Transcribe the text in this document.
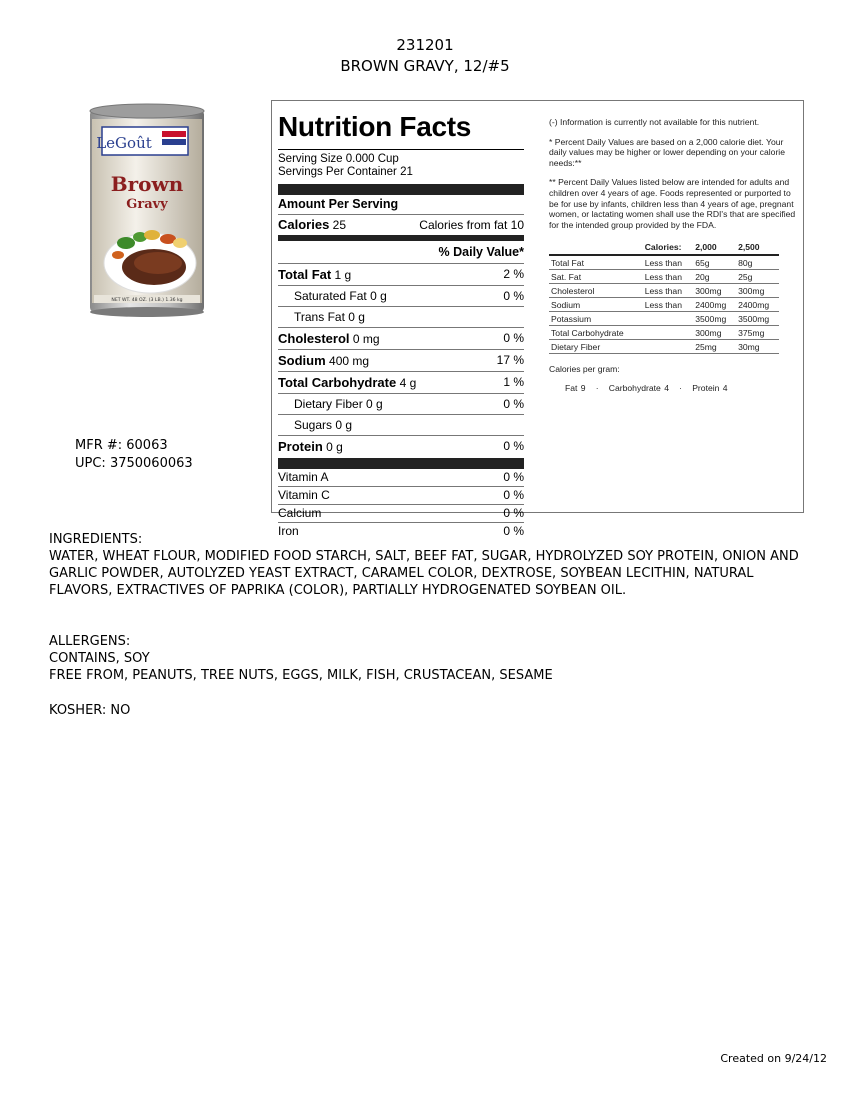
231201
BROWN GRAVY, 12/#5
LeGoût
Brown
Gravy
NET WT. 48 OZ. (3 LB.) 1.36 kg
MFR #: 60063
UPC: 3750060063
Nutrition Facts
Serving Size 0.000 Cup
Servings Per Container 21
Amount Per Serving
Calories 25	Calories from fat 10
% Daily Value*
Total Fat 1 g	2 %
Saturated Fat 0 g	0 %
Trans Fat 0 g
Cholesterol 0 mg	0 %
Sodium 400 mg	17 %
Total Carbohydrate 4 g	1 %
Dietary Fiber 0 g	0 %
Sugars 0 g
Protein 0 g	0 %
Vitamin A	0 %
Vitamin C	0 %
Calcium	0 %
Iron	0 %

(-) Information is currently not available for this nutrient.

* Percent Daily Values are based on a 2,000 calorie diet. Your daily values may be higher or lower depending on your calorie needs:**

** Percent Daily Values listed below are intended for adults and children over 4 years of age. Foods represented or purported to be for use by infants, children less than 4 years of age, pregnant women, or lactating women shall use the RDI's that are specified for the intended group provided by the FDA.

	Calories:	2,000	2,500
Total Fat	Less than	65g	80g
Sat. Fat	Less than	20g	25g
Cholesterol	Less than	300mg	300mg
Sodium	Less than	2400mg	2400mg
Potassium		3500mg	3500mg
Total Carbohydrate		300mg	375mg
Dietary Fiber		25mg	30mg
Calories per gram:
Fat 9   ·   Carbohydrate 4   ·   Protein 4
INGREDIENTS:
WATER, WHEAT FLOUR, MODIFIED FOOD STARCH, SALT, BEEF FAT, SUGAR, HYDROLYZED SOY PROTEIN, ONION AND GARLIC POWDER, AUTOLYZED YEAST EXTRACT, CARAMEL COLOR, DEXTROSE, SOYBEAN LECITHIN, NATURAL FLAVORS, EXTRACTIVES OF PAPRIKA (COLOR), PARTIALLY HYDROGENATED SOYBEAN OIL.
ALLERGENS:
CONTAINS, SOY
FREE FROM, PEANUTS, TREE NUTS, EGGS, MILK, FISH, CRUSTACEAN, SESAME
KOSHER: NO
Created on 9/24/12
